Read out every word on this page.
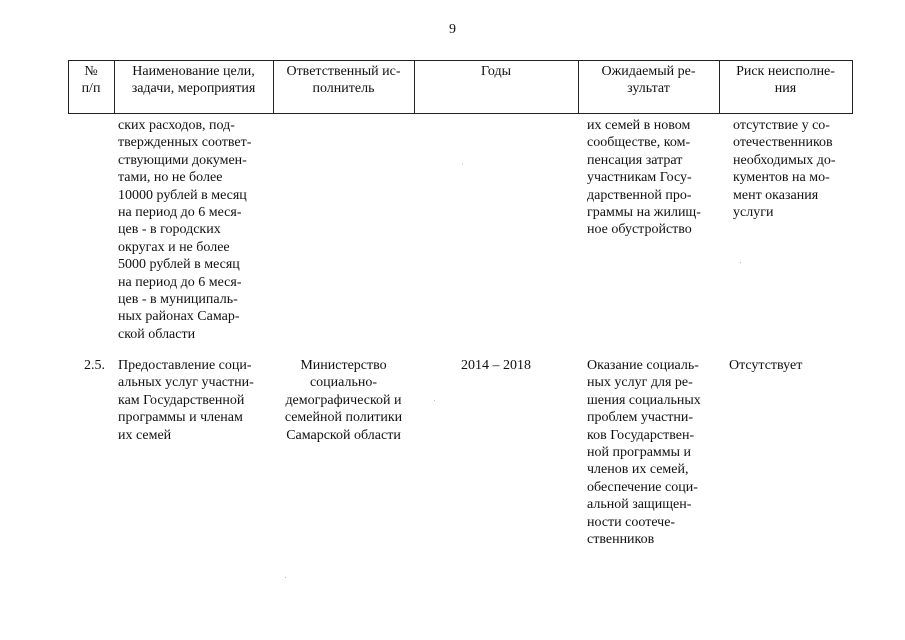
9
№
п/п
Наименование цели,
задачи, мероприятия
Ответственный ис-
полнитель
Годы	Ожидаемый ре-
зультат
Риск неисполне-
ния
ских расходов, под-
твержденных соответ-
ствующими докумен-
тами, но не более
10000 рублей в месяц
на период до 6 меся-
цев - в городских
округах и не более
5000 рублей в месяц
на период до 6 меся-
цев - в муниципаль-
ных районах Самар-
ской области
их семей в новом
сообществе, ком-
пенсация затрат
участникам Госу-
дарственной про-
граммы на жилищ-
ное обустройство
отсутствие у со-
отечественников
необходимых до-
кументов на мо-
мент оказания
услуги
2.5. Предоставление соци-
альных услуг участни-
кам Государственной
программы и членам
их семей
Министерство
социально-
демографической и
семейной политики
Самарской области
2014 – 2018	Оказание социаль-
ных услуг для ре-
шения социальных
проблем участни-
ков Государствен-
ной программы и
членов их семей,
обеспечение соци-
альной защищен-
ности соотече-
ственников
Отсутствует
